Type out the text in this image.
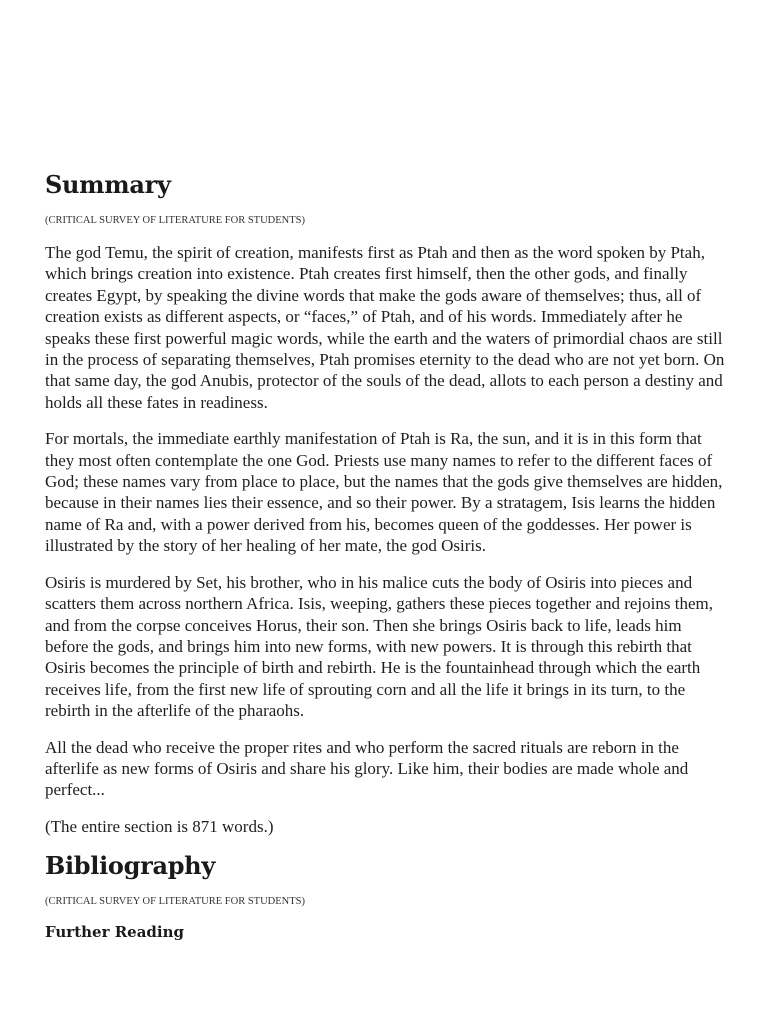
Summary
(CRITICAL SURVEY OF LITERATURE FOR STUDENTS)

The god Temu, the spirit of creation, manifests first as Ptah and then as the word spoken by Ptah, which brings creation into existence. Ptah creates first himself, then the other gods, and finally creates Egypt, by speaking the divine words that make the gods aware of themselves; thus, all of creation exists as different aspects, or “faces,” of Ptah, and of his words. Immediately after he speaks these first powerful magic words, while the earth and the waters of primordial chaos are still in the process of separating themselves, Ptah promises eternity to the dead who are not yet born. On that same day, the god Anubis, protector of the souls of the dead, allots to each person a destiny and holds all these fates in readiness.

For mortals, the immediate earthly manifestation of Ptah is Ra, the sun, and it is in this form that they most often contemplate the one God. Priests use many names to refer to the different faces of God; these names vary from place to place, but the names that the gods give themselves are hidden, because in their names lies their essence, and so their power. By a stratagem, Isis learns the hidden name of Ra and, with a power derived from his, becomes queen of the goddesses. Her power is illustrated by the story of her healing of her mate, the god Osiris.

Osiris is murdered by Set, his brother, who in his malice cuts the body of Osiris into pieces and scatters them across northern Africa. Isis, weeping, gathers these pieces together and rejoins them, and from the corpse conceives Horus, their son. Then she brings Osiris back to life, leads him before the gods, and brings him into new forms, with new powers. It is through this rebirth that Osiris becomes the principle of birth and rebirth. He is the fountainhead through which the earth receives life, from the first new life of sprouting corn and all the life it brings in its turn, to the rebirth in the afterlife of the pharaohs.

All the dead who receive the proper rites and who perform the sacred rituals are reborn in the afterlife as new forms of Osiris and share his glory. Like him, their bodies are made whole and perfect...

(The entire section is 871 words.)

Bibliography
(CRITICAL SURVEY OF LITERATURE FOR STUDENTS)
Further Reading
